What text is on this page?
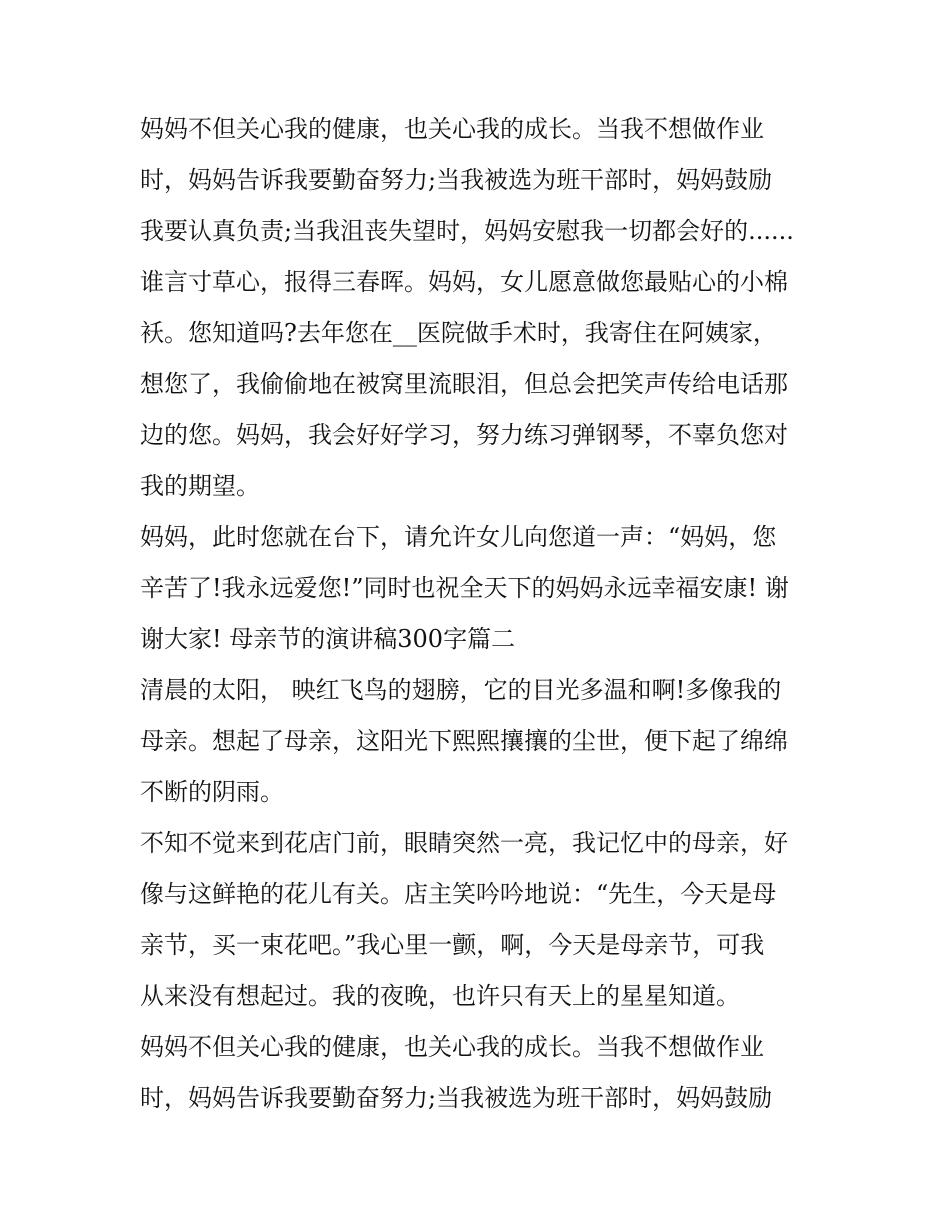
妈妈不但关心我的健康，也关心我的成长。当我不想做作业
时，妈妈告诉我要勤奋努力;当我被选为班干部时，妈妈鼓励
我要认真负责;当我沮丧失望时，妈妈安慰我一切都会好的......
谁言寸草心，报得三春晖。妈妈，女儿愿意做您最贴心的小棉
袄。您知道吗?去年您在__医院做手术时，我寄住在阿姨家，
想您了，我偷偷地在被窝里流眼泪，但总会把笑声传给电话那
边的您。妈妈，我会好好学习，努力练习弹钢琴，不辜负您对
我的期望。
妈妈，此时您就在台下，请允许女儿向您道一声：“妈妈，您
辛苦了!我永远爱您!”同时也祝全天下的妈妈永远幸福安康! 谢
谢大家! 母亲节的演讲稿300字篇二
清晨的太阳， 映红飞鸟的翅膀，它的目光多温和啊!多像我的
母亲。想起了母亲，这阳光下熙熙攘攘的尘世，便下起了绵绵
不断的阴雨。
不知不觉来到花店门前，眼睛突然一亮，我记忆中的母亲，好
像与这鲜艳的花儿有关。店主笑吟吟地说：“先生，今天是母
亲节，买一束花吧。”我心里一颤，啊，今天是母亲节，可我
从来没有想起过。我的夜晚，也许只有天上的星星知道。
妈妈不但关心我的健康，也关心我的成长。当我不想做作业
时，妈妈告诉我要勤奋努力;当我被选为班干部时，妈妈鼓励
